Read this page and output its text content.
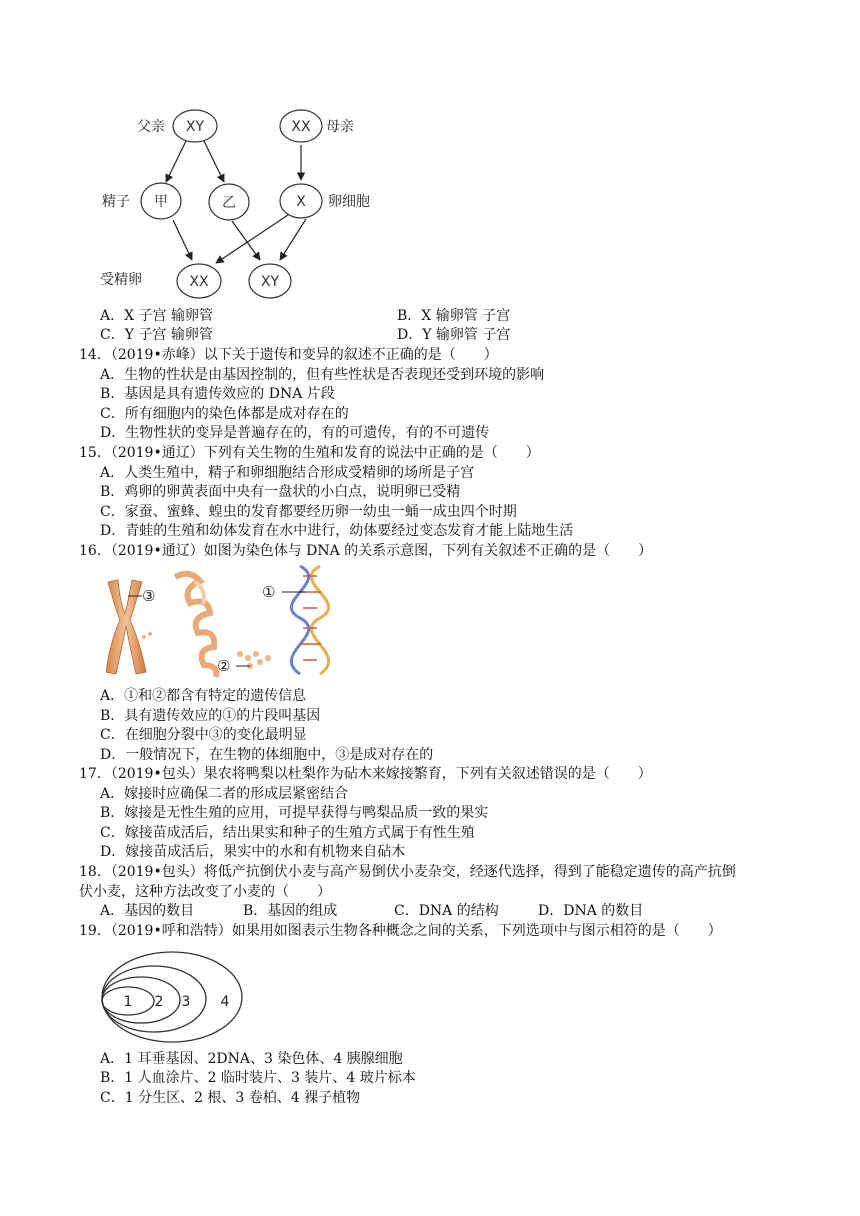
XY	XX
甲	乙	X
XX	XY
父亲	母亲
精子	卵细胞
受精卵
A．X 子宫 输卵管	B．X 输卵管 子宫
C．Y 子宫 输卵管	D．Y 输卵管 子宫
14．（2019•赤峰）以下关于遗传和变异的叙述不正确的是（　　）
A．生物的性状是由基因控制的，但有些性状是否表现还受到环境的影响
B．基因是具有遗传效应的 DNA 片段
C．所有细胞内的染色体都是成对存在的
D．生物性状的变异是普遍存在的，有的可遗传，有的不可遗传
15．（2019•通辽）下列有关生物的生殖和发育的说法中正确的是（　　）
A．人类生殖中，精子和卵细胞结合形成受精卵的场所是子宫
B．鸡卵的卵黄表面中央有一盘状的小白点，说明卵已受精
C．家蚕、蜜蜂、蝗虫的发育都要经历卵一幼虫一蛹一成虫四个时期
D．青蛙的生殖和幼体发育在水中进行，幼体要经过变态发育才能上陆地生活
16．（2019•通辽）如图为染色体与 DNA 的关系示意图，下列有关叙述不正确的是（　　）
③	①
②
A．①和②都含有特定的遗传信息
B．具有遗传效应的①的片段叫基因
C．在细胞分裂中③的变化最明显
D．一般情况下，在生物的体细胞中，③是成对存在的
17．（2019•包头）果农将鸭梨以杜梨作为砧木来嫁接繁育，下列有关叙述错误的是（　　）
A．嫁接时应确保二者的形成层紧密结合
B．嫁接是无性生殖的应用，可提早获得与鸭梨品质一致的果实
C．嫁接苗成活后，结出果实和种子的生殖方式属于有性生殖
D．嫁接苗成活后，果实中的水和有机物来自砧木
18．（2019•包头）将低产抗倒伏小麦与高产易倒伏小麦杂交，经逐代选择，得到了能稳定遗传的高产抗倒
伏小麦，这种方法改变了小麦的（　　）
A．基因的数目	B．基因的组成	C．DNA 的结构	D．DNA 的数目
19．（2019•呼和浩特）如果用如图表示生物各种概念之间的关系，下列选项中与图示相符的是（　　）
1 2 3 4
A．1 耳垂基因、2DNA、3 染色体、4 胰腺细胞
B．1 人血涂片、2 临时装片、3 装片、4 玻片标本
C．1 分生区、2 根、3 卷柏、4 裸子植物
